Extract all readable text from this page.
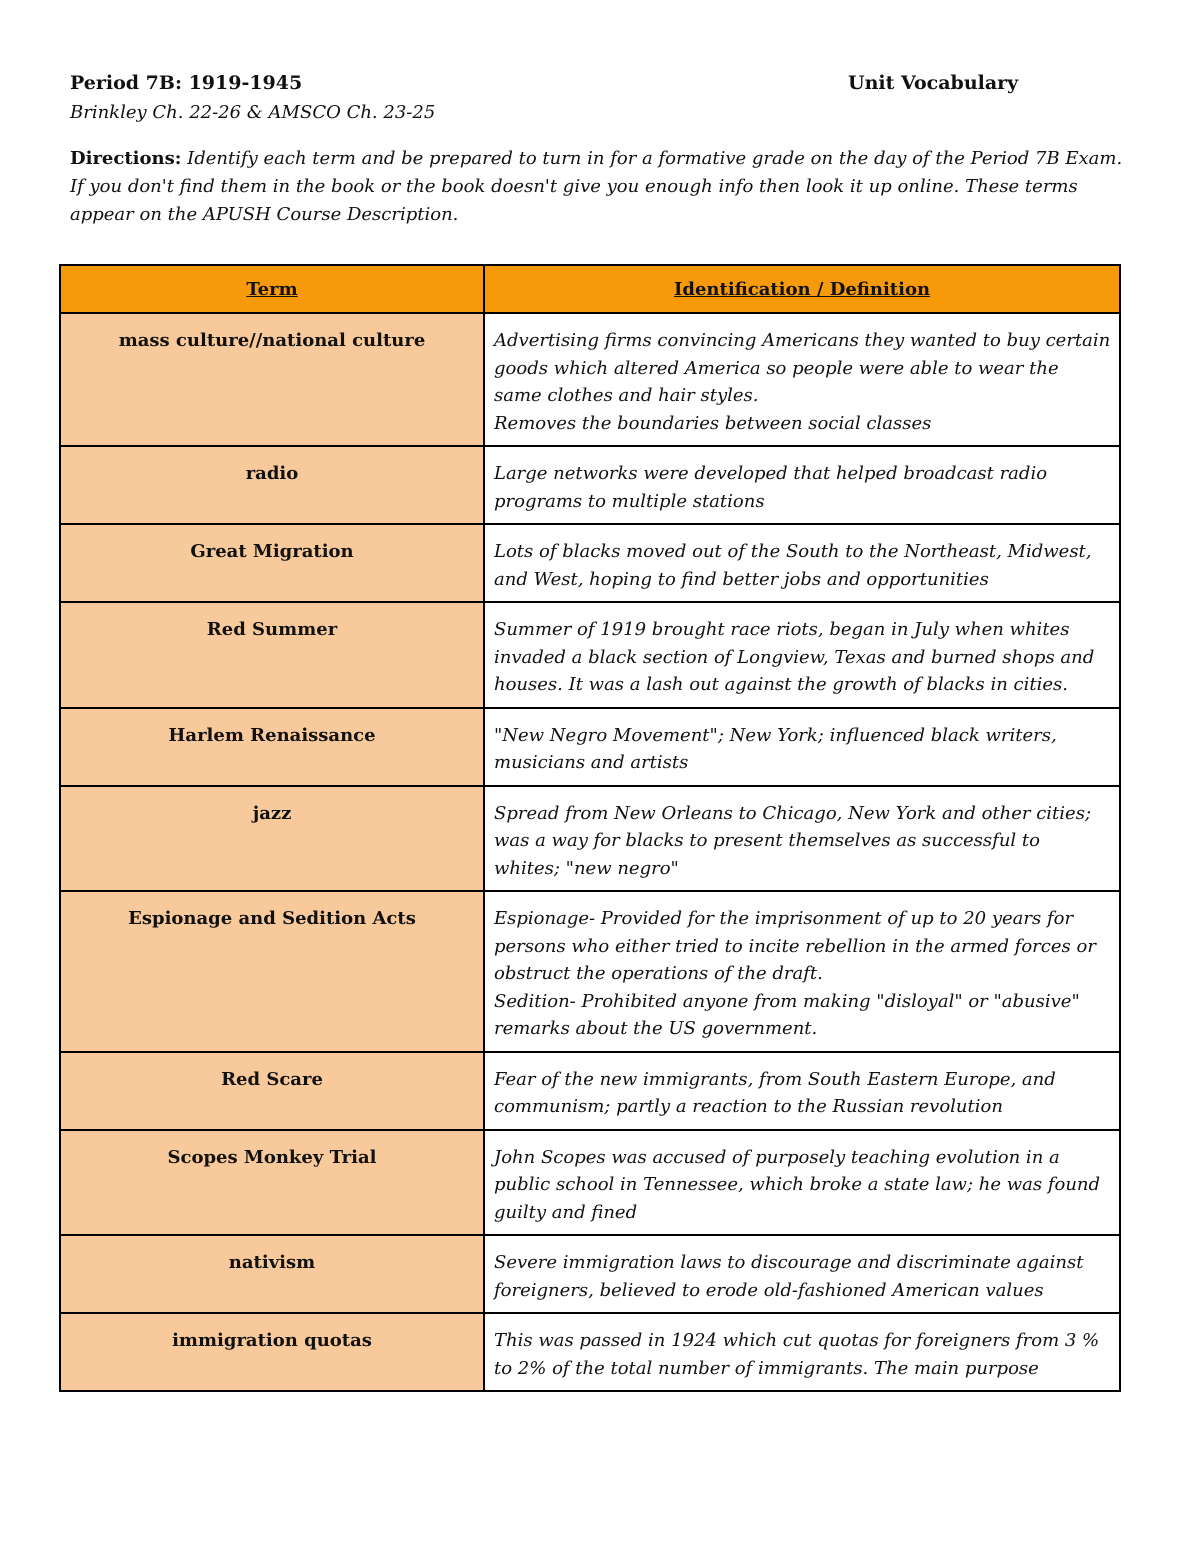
Period 7B: 1919-1945	Unit Vocabulary
Brinkley Ch. 22-26 & AMSCO Ch. 23-25
Directions: Identify each term and be prepared to turn in for a formative grade on the day of the Period 7B Exam. If you don't find them in the book or the book doesn't give you enough info then look it up online. These terms appear on the APUSH Course Description.
Term	Identification / Definition
mass culture//national culture	Advertising firms convincing Americans they wanted to buy certain goods which altered America so people were able to wear the same clothes and hair styles.
Removes the boundaries between social classes

radio	Large networks were developed that helped broadcast radio programs to multiple stations

Great Migration	Lots of blacks moved out of the South to the Northeast, Midwest, and West, hoping to find better jobs and opportunities

Red Summer	Summer of 1919 brought race riots, began in July when whites invaded a black section of Longview, Texas and burned shops and houses. It was a lash out against the growth of blacks in cities.

Harlem Renaissance	"New Negro Movement"; New York; influenced black writers, musicians and artists

jazz	Spread from New Orleans to Chicago, New York and other cities; was a way for blacks to present themselves as successful to whites; "new negro"

Espionage and Sedition Acts	Espionage- Provided for the imprisonment of up to 20 years for persons who either tried to incite rebellion in the armed forces or obstruct the operations of the draft.
Sedition- Prohibited anyone from making "disloyal" or "abusive" remarks about the US government.

Red Scare	Fear of the new immigrants, from South Eastern Europe, and communism; partly a reaction to the Russian revolution

Scopes Monkey Trial	John Scopes was accused of purposely teaching evolution in a public school in Tennessee, which broke a state law; he was found guilty and fined

nativism	Severe immigration laws to discourage and discriminate against foreigners, believed to erode old-fashioned American values

immigration quotas	This was passed in 1924 which cut quotas for foreigners from 3 % to 2% of the total number of immigrants. The main purpose
